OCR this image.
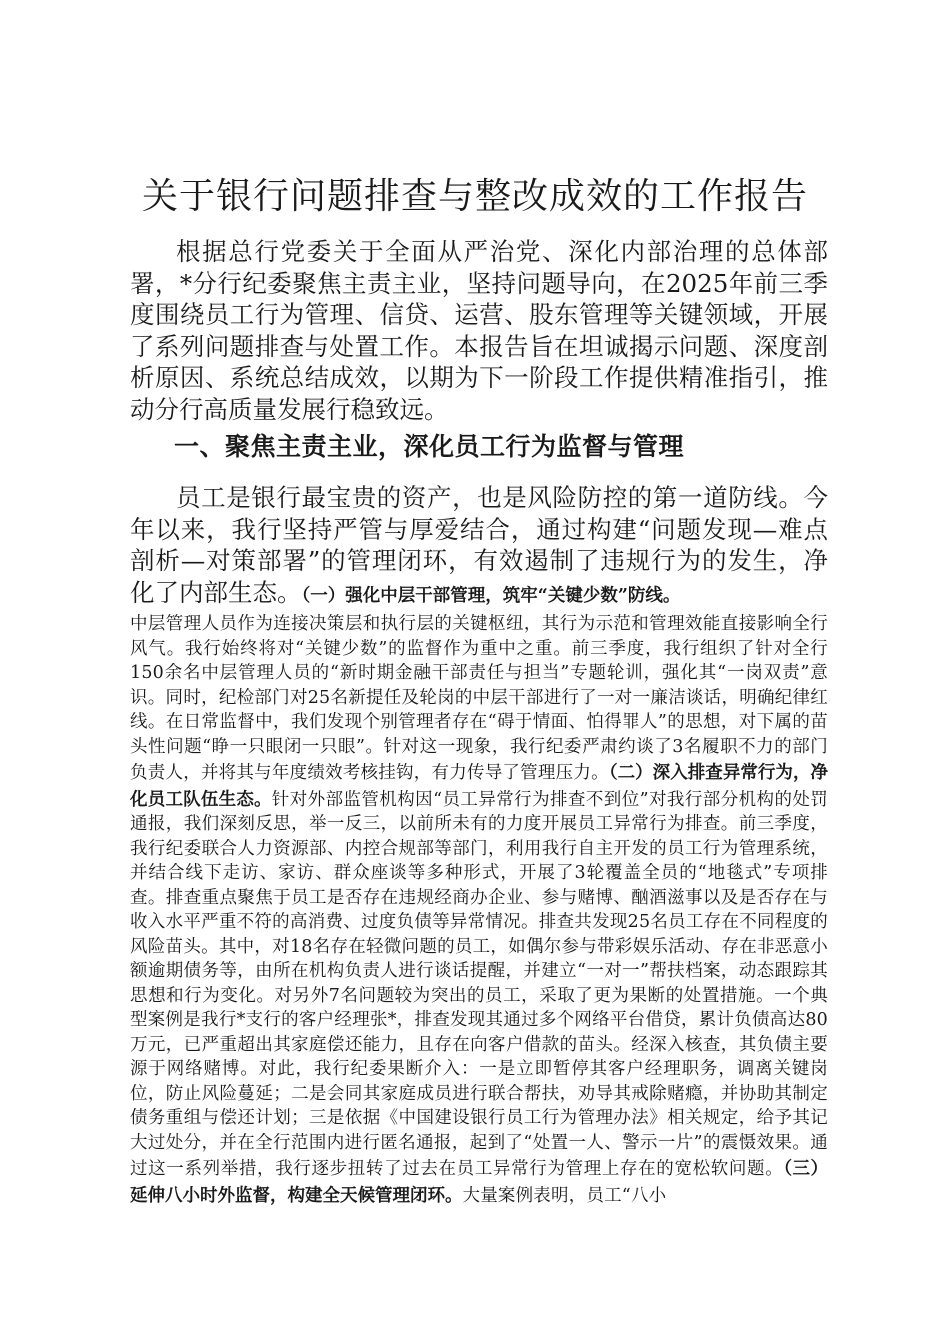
关于银行问题排查与整改成效的工作报告

根据总行党委关于全面从严治党、深化内部治理的总体部署，*分行纪委聚焦主责主业，坚持问题导向，在2025年前三季度围绕员工行为管理、信贷、运营、股东管理等关键领域，开展了系列问题排查与处置工作。本报告旨在坦诚揭示问题、深度剖析原因、系统总结成效，以期为下一阶段工作提供精准指引，推动分行高质量发展行稳致远。

一、聚焦主责主业，深化员工行为监督与管理
员工是银行最宝贵的资产，也是风险防控的第一道防线。今年以来，我行坚持严管与厚爱结合，通过构建“问题发现—难点剖析—对策部署”的管理闭环，有效遏制了违规行为的发生，净化了内部生态。（一）强化中层干部管理，筑牢“关键少数”防线。
中层管理人员作为连接决策层和执行层的关键枢纽，其行为示范和管理效能直接影响全行风气。我行始终将对“关键少数”的监督作为重中之重。前三季度，我行组织了针对全行150余名中层管理人员的“新时期金融干部责任与担当”专题轮训，强化其“一岗双责”意识。同时，纪检部门对25名新提任及轮岗的中层干部进行了一对一廉洁谈话，明确纪律红线。在日常监督中，我们发现个别管理者存在“碍于情面、怕得罪人”的思想，对下属的苗头性问题“睁一只眼闭一只眼”。针对这一现象，我行纪委严肃约谈了3名履职不力的部门负责人，并将其与年度绩效考核挂钩，有力传导了管理压力。（二）深入排查异常行为，净化员工队伍生态。针对外部监管机构因“员工异常行为排查不到位”对我行部分机构的处罚通报，我们深刻反思，举一反三，以前所未有的力度开展员工异常行为排查。前三季度，我行纪委联合人力资源部、内控合规部等部门，利用我行自主开发的员工行为管理系统，并结合线下走访、家访、群众座谈等多种形式，开展了3轮覆盖全员的“地毯式”专项排查。排查重点聚焦于员工是否存在违规经商办企业、参与赌博、酗酒滋事以及是否存在与收入水平严重不符的高消费、过度负债等异常情况。排查共发现25名员工存在不同程度的风险苗头。其中，对18名存在轻微问题的员工，如偶尔参与带彩娱乐活动、存在非恶意小额逾期债务等，由所在机构负责人进行谈话提醒，并建立“一对一”帮扶档案，动态跟踪其思想和行为变化。对另外7名问题较为突出的员工，采取了更为果断的处置措施。一个典型案例是我行*支行的客户经理张*，排查发现其通过多个网络平台借贷，累计负债高达80万元，已严重超出其家庭偿还能力，且存在向客户借款的苗头。经深入核查，其负债主要源于网络赌博。对此，我行纪委果断介入：一是立即暂停其客户经理职务，调离关键岗位，防止风险蔓延；二是会同其家庭成员进行联合帮扶，劝导其戒除赌瘾，并协助其制定债务重组与偿还计划；三是依据《中国建设银行员工行为管理办法》相关规定，给予其记大过处分，并在全行范围内进行匿名通报，起到了“处置一人、警示一片”的震慑效果。通过这一系列举措，我行逐步扭转了过去在员工异常行为管理上存在的宽松软问题。（三）延伸八小时外监督，构建全天候管理闭环。大量案例表明，员工“八小
